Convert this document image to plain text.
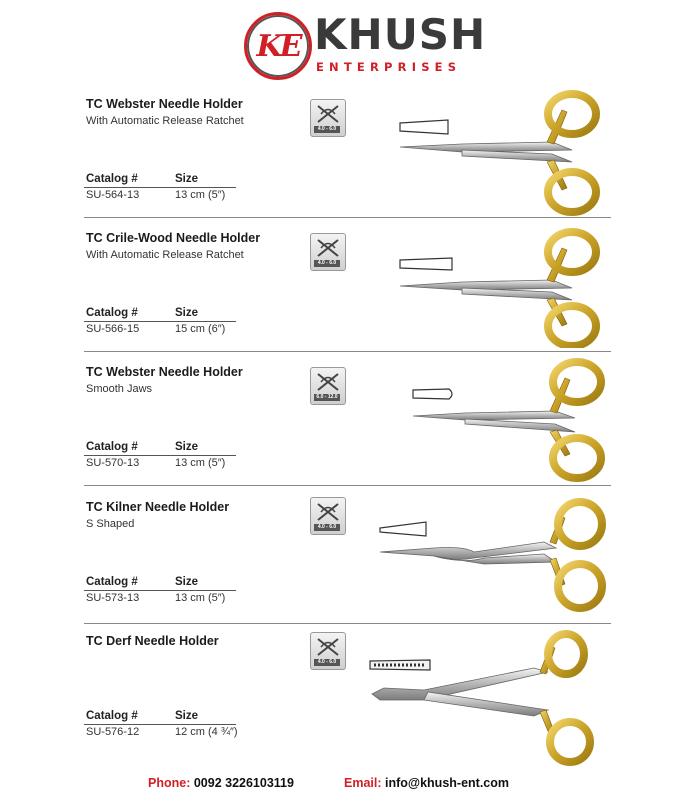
KE KHUSH
ENTERPRISES
TC Webster Needle Holder
With Automatic Release Ratchet
Catalog #	Size
SU-564-13	13 cm (5″)
4.0 - 6.0
TC Crile-Wood Needle Holder
With Automatic Release Ratchet
Catalog #	Size
SU-566-15	15 cm (6″)
4.0 - 6.0
TC Webster Needle Holder
Smooth Jaws
Catalog #	Size
SU-570-13	13 cm (5″)
6.0 - 12.0
TC Kilner Needle Holder
S Shaped
Catalog #	Size
SU-573-13	13 cm (5″)
4.0 - 6.0
TC Derf Needle Holder
Catalog #	Size
SU-576-12	12 cm (4 ¾″)
4.0 - 6.0
Phone: 0092 3226103119	Email: info@khush-ent.com
